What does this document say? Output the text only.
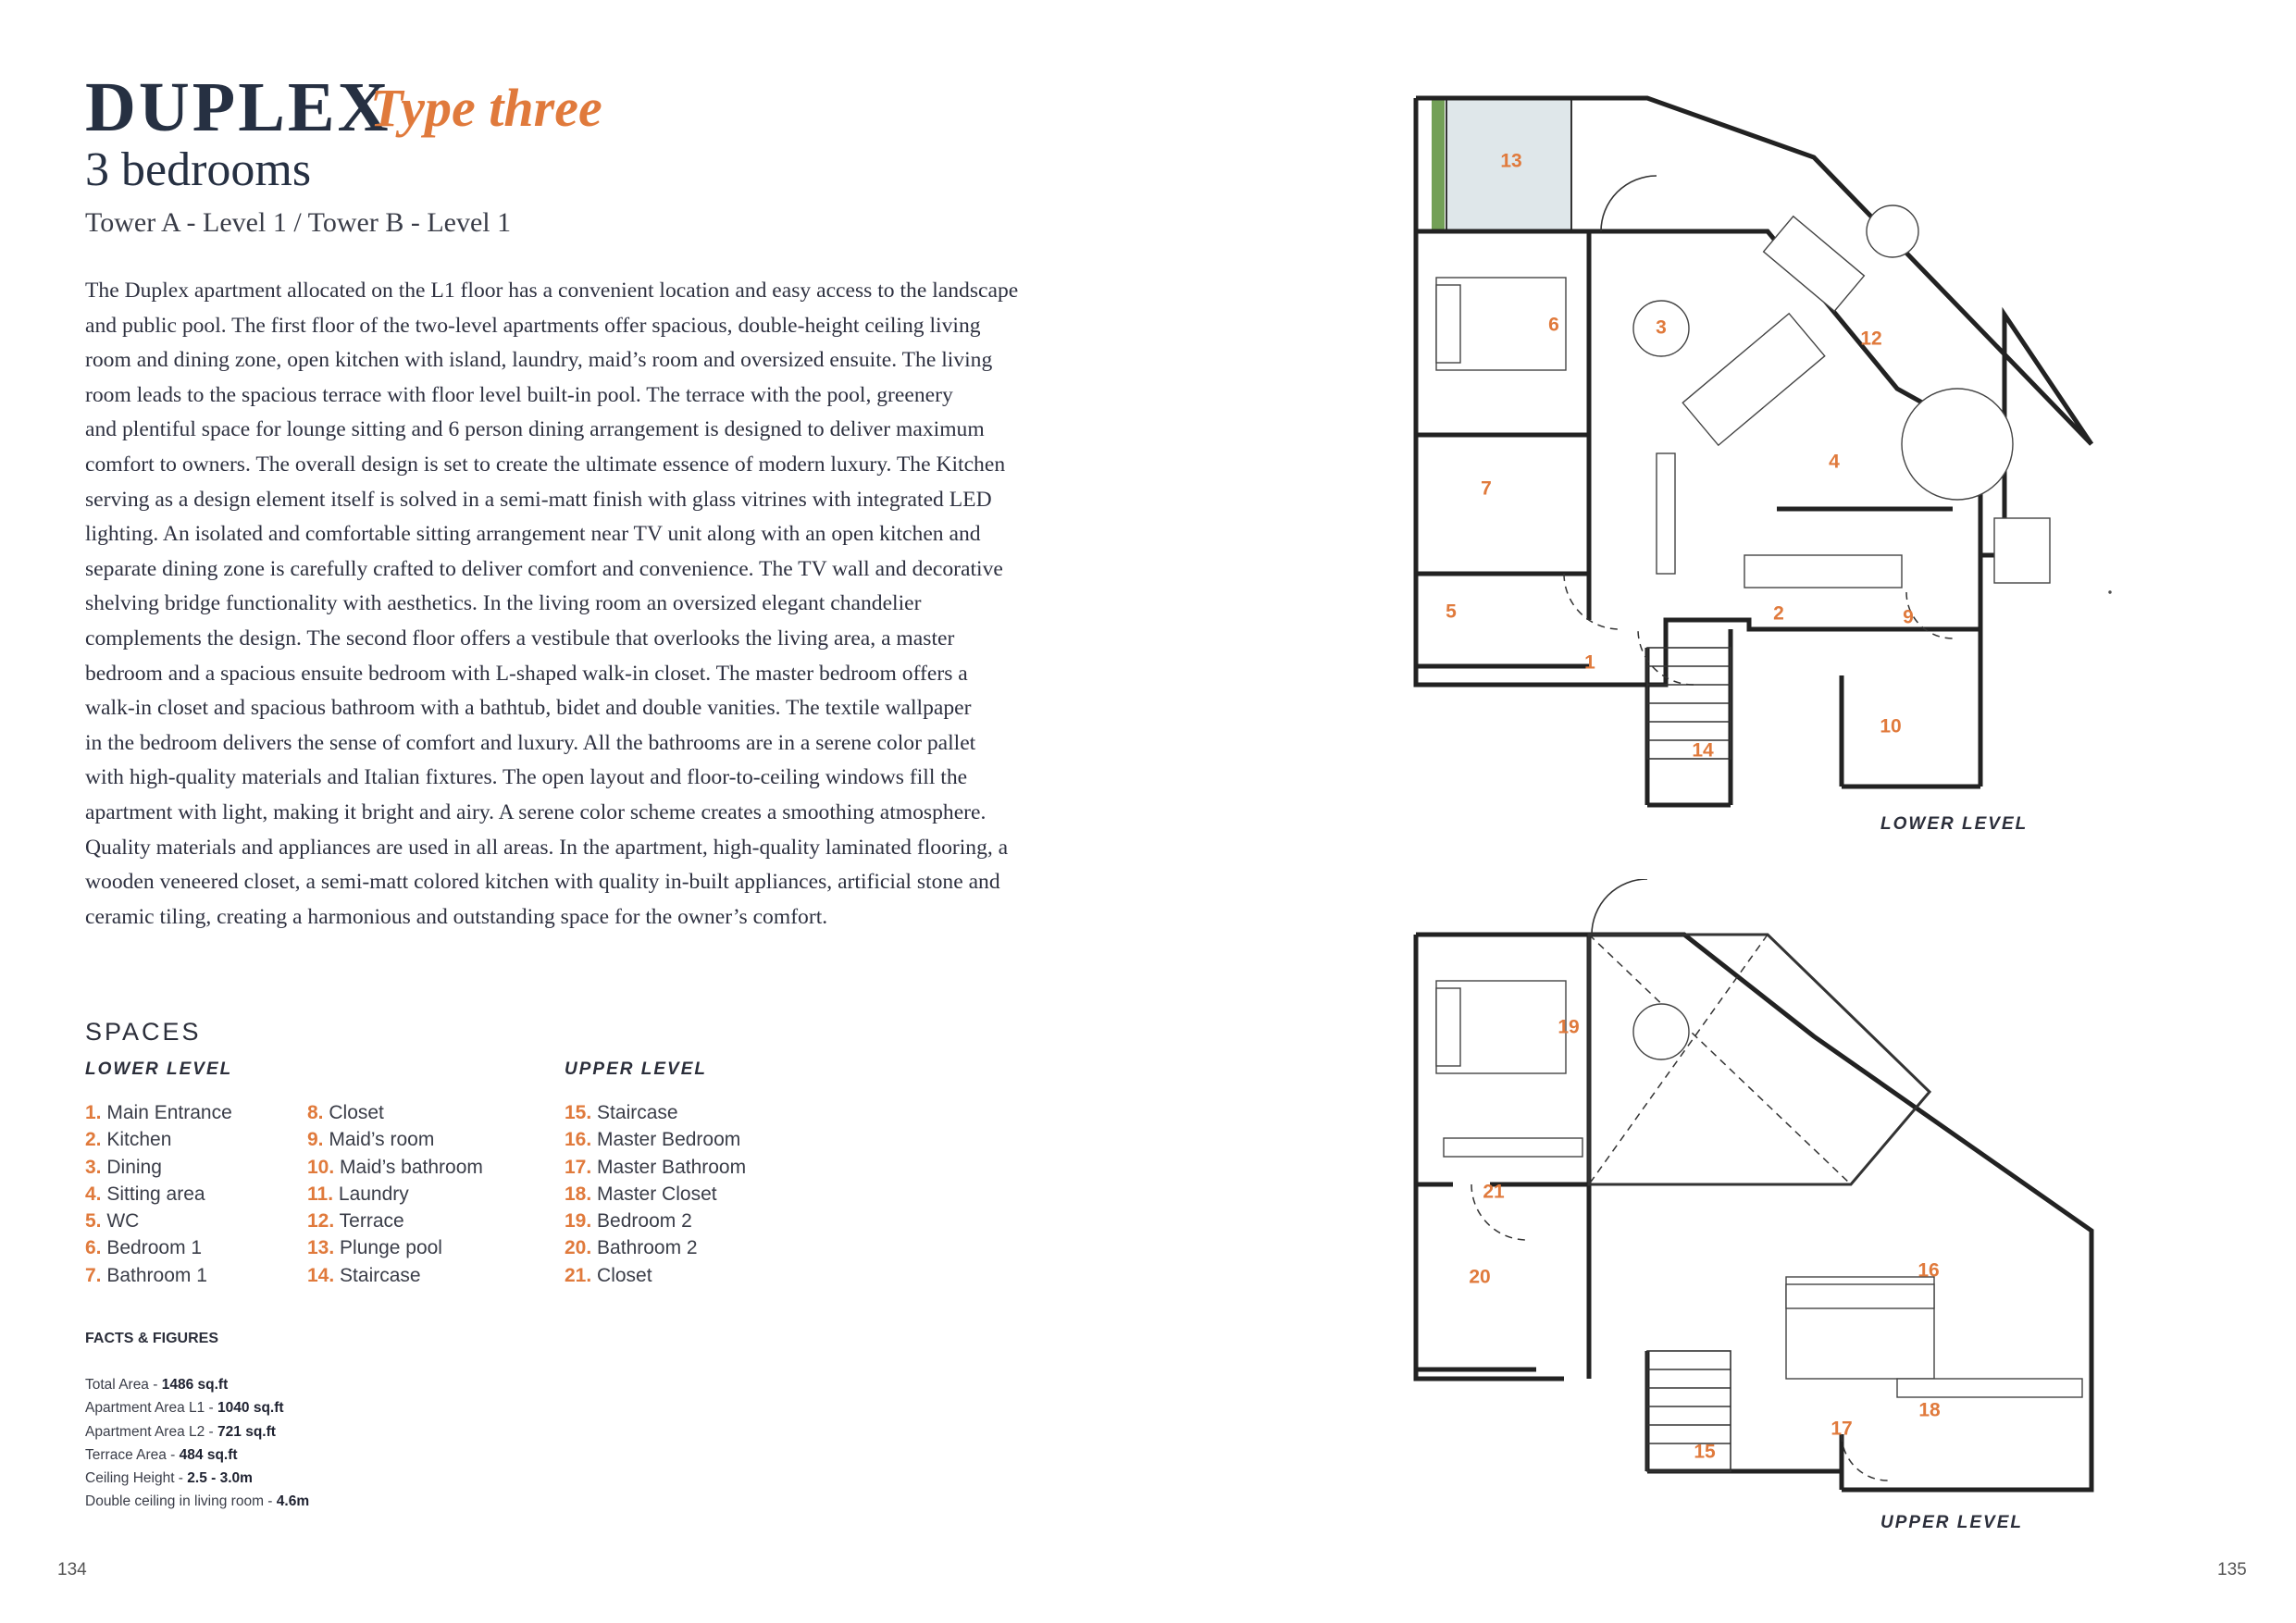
DUPLEX
Type three
3 bedrooms
Tower A - Level 1 / Tower B - Level 1
The Duplex apartment allocated on the L1 floor has a convenient location and easy access to the landscape
and public pool. The first floor of the two-level apartments offer spacious, double-height ceiling living
room and dining zone, open kitchen with island, laundry, maid’s room and oversized ensuite. The living
room leads to the spacious terrace with floor level built-in pool. The terrace with the pool, greenery
and plentiful space for lounge sitting and 6 person dining arrangement is designed to deliver maximum
comfort to owners. The overall design is set to create the ultimate essence of modern luxury. The Kitchen
serving as a design element itself is solved in a semi-matt finish with glass vitrines with integrated LED
lighting. An isolated and comfortable sitting arrangement near TV unit along with an open kitchen and
separate dining zone is carefully crafted to deliver comfort and convenience. The TV wall and decorative
shelving bridge functionality with aesthetics. In the living room an oversized elegant chandelier
complements the design. The second floor offers a vestibule that overlooks the living area, a master
bedroom and a spacious ensuite bedroom with L-shaped walk-in closet. The master bedroom offers a
walk-in closet and spacious bathroom with a bathtub, bidet and double vanities. The textile wallpaper
in the bedroom delivers the sense of comfort and luxury. All the bathrooms are in a serene color pallet
with high-quality materials and Italian fixtures. The open layout and floor-to-ceiling windows fill the
apartment with light, making it bright and airy. A serene color scheme creates a smoothing atmosphere.
Quality materials and appliances are used in all areas. In the apartment, high-quality laminated flooring, a
wooden veneered closet, a semi-matt colored kitchen with quality in-built appliances, artificial stone and
ceramic tiling, creating a harmonious and outstanding space for the owner’s comfort.
SPACES
LOWER LEVEL	UPPER LEVEL
1. Main Entrance
2. Kitchen
3. Dining
4. Sitting area
5. WC
6. Bedroom 1
7. Bathroom 1
8. Closet
9. Maid’s room
10. Maid’s bathroom
11. Laundry
12. Terrace
13. Plunge pool
14. Staircase
15. Staircase
16. Master Bedroom
17. Master Bathroom
18. Master Closet
19. Bedroom 2
20. Bathroom 2
21. Closet
FACTS & FIGURES
Total Area - 1486 sq.ft
Apartment Area L1 - 1040 sq.ft
Apartment Area L2 - 721 sq.ft
Terrace Area - 484 sq.ft
Ceiling Height - 2.5 - 3.0m
Double ceiling in living room - 4.6m
134	135
1
2
3
4
5
6
7
9
10
12
13
14
LOWER LEVEL
15
16
17
18
19
20
21
UPPER LEVEL
